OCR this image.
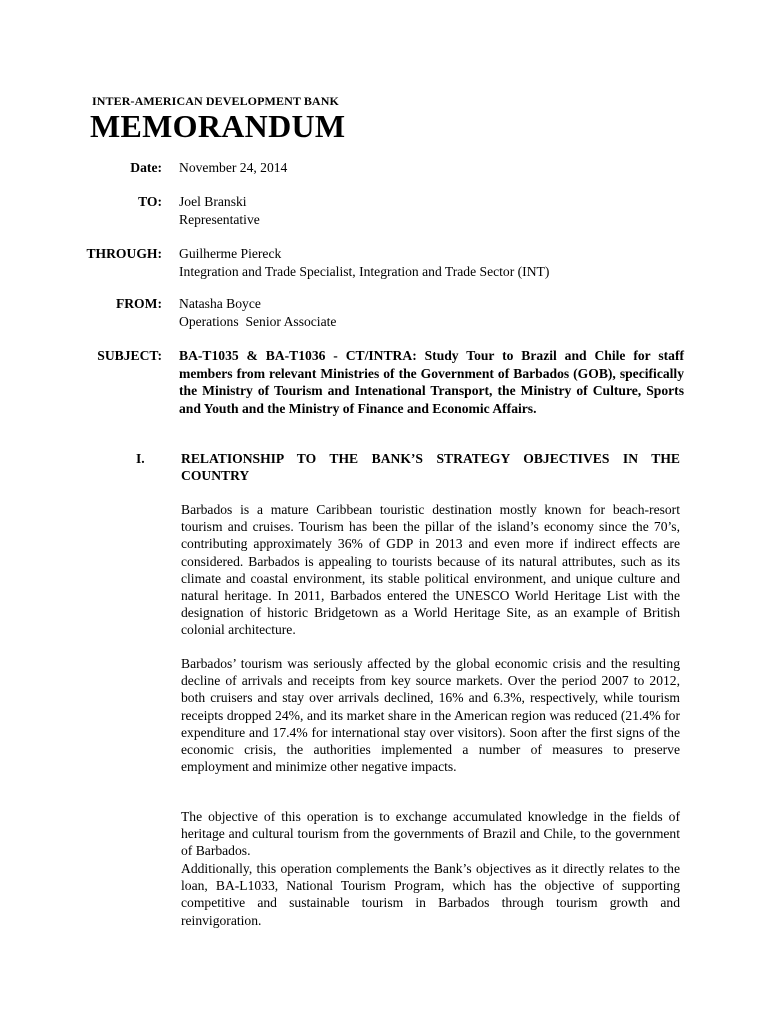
INTER-AMERICAN DEVELOPMENT BANK
MEMORANDUM
Date: November 24, 2014
TO: Joel Branski
Representative
THROUGH: Guilherme Piereck
Integration and Trade Specialist, Integration and Trade Sector (INT)
FROM: Natasha Boyce
Operations  Senior Associate
SUBJECT: BA-T1035 & BA-T1036 - CT/INTRA: Study Tour to Brazil and Chile for staff members from relevant Ministries of the Government of Barbados (GOB), specifically the Ministry of Tourism and Intenational Transport, the Ministry of Culture, Sports and Youth and the Ministry of Finance and Economic Affairs.
I.	RELATIONSHIP TO THE BANK’S STRATEGY OBJECTIVES IN THE COUNTRY
Barbados is a mature Caribbean touristic destination mostly known for beach-resort tourism and cruises. Tourism has been the pillar of the island’s economy since the 70’s, contributing approximately 36% of GDP in 2013 and even more if indirect effects are considered. Barbados is appealing to tourists because of its natural attributes, such as its climate and coastal environment, its stable political environment, and unique culture and natural heritage. In 2011, Barbados entered the UNESCO World Heritage List with the designation of historic Bridgetown as a World Heritage Site, as an example of British colonial architecture.
Barbados’ tourism was seriously affected by the global economic crisis and the resulting decline of arrivals and receipts from key source markets. Over the period 2007 to 2012, both cruisers and stay over arrivals declined, 16% and 6.3%, respectively, while tourism receipts dropped 24%, and its market share in the American region was reduced (21.4% for expenditure and 17.4% for international stay over visitors). Soon after the first signs of the economic crisis, the authorities implemented a number of measures to preserve employment and minimize other negative impacts.
The objective of this operation is to exchange accumulated knowledge in the fields of heritage and cultural tourism from the governments of Brazil and Chile, to the government of Barbados.
Additionally, this operation complements the Bank’s objectives as it directly relates to the loan, BA-L1033, National Tourism Program, which has the objective of supporting competitive and sustainable tourism in Barbados through tourism growth and reinvigoration.
